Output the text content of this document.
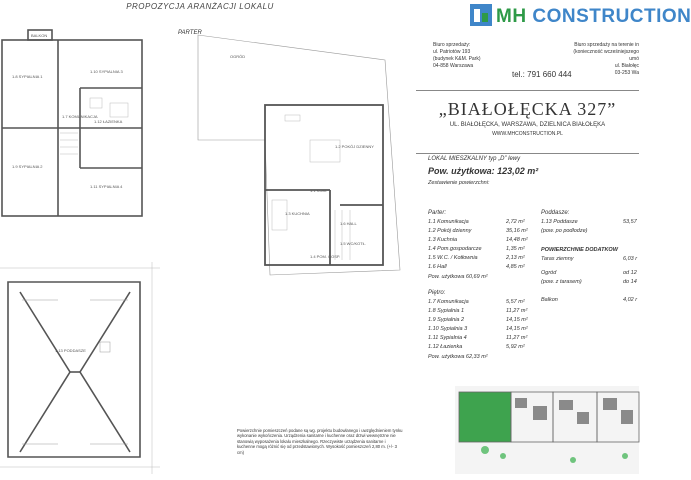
PROPOZYCJA ARANŻACJI LOKALU	MH CONSTRUCTION
Biuro sprzedaży:
ul. Patriotów 193
(budynek K&M. Park)
04-858 Warszawa
Biuro sprzedaży na terenie in
(konieczność wcześniejszego umó
ul. Białołęc
03-253 Wa
tel.: 791 660 444
„BIAŁOŁĘCKA 327”
UL. BIAŁOŁĘCKA, WARSZAWA, DZIELNICA BIAŁOŁĘKA
WWW.MHCONSTRUCTION.PL
LOKAL MIESZKALNY typ „D” lewy
Pow. użytkowa: 123,02 m²
Zestawienie powierzchni:
Parter:
1.1 Komunikacja	2,72 m²
1.2 Pokój dzienny	35,16 m²
1.3 Kuchnia	14,48 m²
1.4 Pom.gospodarcze	1,35 m²
1.5 W.C. / Kotłownia	2,13 m²
1.6 Hall	4,85 m²
Pow. użytkowa 60,69 m²
Piętro:
1.7 Komunikacja	5,57 m²
1.8 Sypialnia 1	11,27 m²
1.9 Sypialnia 2	14,15 m²
1.10 Sypialnia 3	14,15 m²
1.11 Sypialnia 4	11,27 m²
1.12 Łazienka	5,92 m²
Pow. użytkowa 62,33 m²
Poddasze:
1.13 Poddasze	53,57
(pow. po podłodze)
POWIERZCHNIE DODATKOW
Taras ziemny	6,03 r
Ogród	od 12
(pow. z tarasem)	do 14
Balkon	4,02 r
1.8 SYPIALNIA 1
1.9 SYPIALNIA 2
1.10 SYPIALNIA 3
1.11 SYPIALNIA 4
1.12 ŁAZIENKA
1.7 KOMUNIKACJA
BALKON	PARTER
1.2 POKÓJ DZIENNY
1.3 KUCHNIA
1.6 HALL
1.5 WC/KOTŁ.
1.4 POM. GOSP.
1.1 KOM.
OGRÓD
1.13 PODDASZE
Powierzchnie pomieszczeń podane są wg. projektu budowlanego i uwzględnieniem tynku wykonanie wykończenia. Urządzenia sanitarne i kuchenne oraz drzwi wewnętrzne nie stanowią wyposażenia lokalu mieszkalnego. Rzeczywiste urządzenia sanitarne i kuchenne mogą różnić się od przedstawionych. Wysokość pomieszczeń 2,80 m. (+/- 3 cm)
